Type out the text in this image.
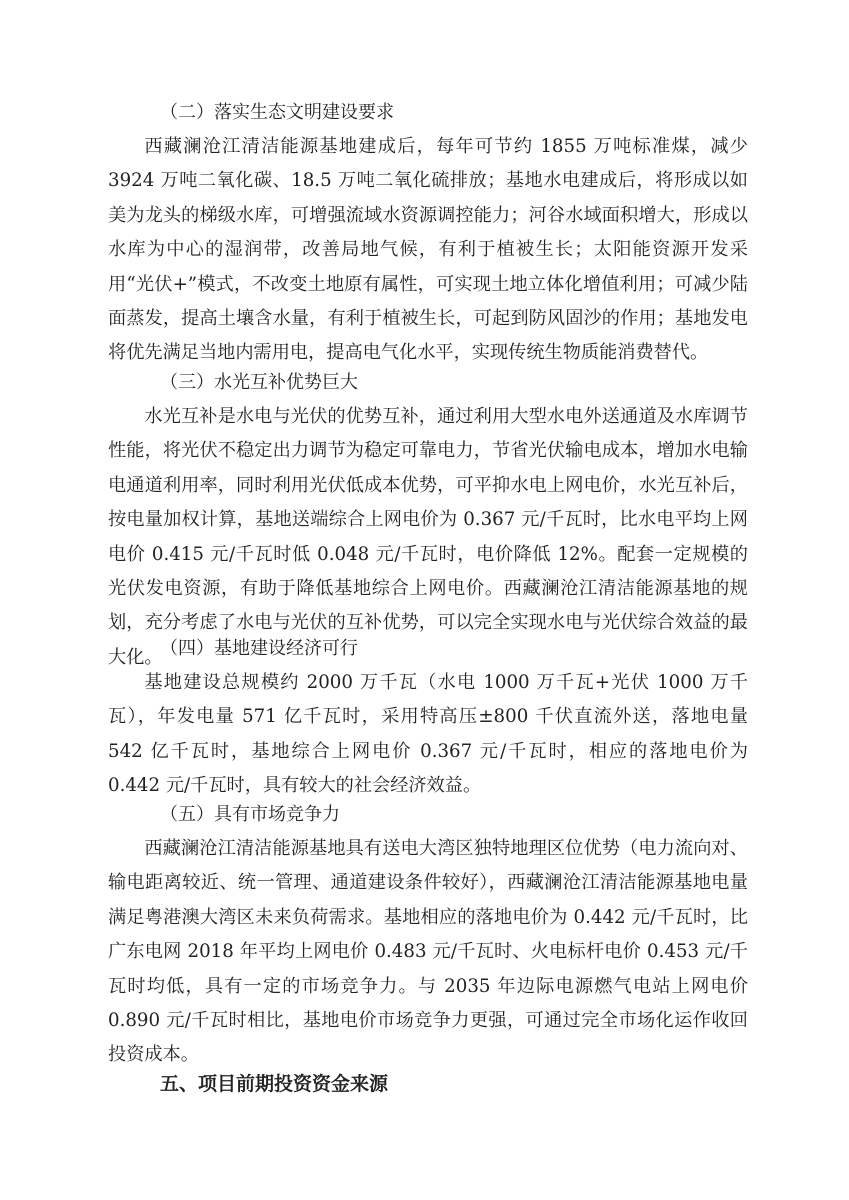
（二）落实生态文明建设要求

西藏澜沧江清洁能源基地建成后，每年可节约 1855 万吨标准煤，减少 3924 万吨二氧化碳、18.5 万吨二氧化硫排放；基地水电建成后，将形成以如美为龙头的梯级水库，可增强流域水资源调控能力；河谷水域面积增大，形成以水库为中心的湿润带，改善局地气候，有利于植被生长；太阳能资源开发采用“光伏+”模式，不改变土地原有属性，可实现土地立体化增值利用；可减少陆面蒸发，提高土壤含水量，有利于植被生长，可起到防风固沙的作用；基地发电将优先满足当地内需用电，提高电气化水平，实现传统生物质能消费替代。

（三）水光互补优势巨大

水光互补是水电与光伏的优势互补，通过利用大型水电外送通道及水库调节性能，将光伏不稳定出力调节为稳定可靠电力，节省光伏输电成本，增加水电输电通道利用率，同时利用光伏低成本优势，可平抑水电上网电价，水光互补后，按电量加权计算，基地送端综合上网电价为 0.367 元/千瓦时，比水电平均上网电价 0.415 元/千瓦时低 0.048 元/千瓦时，电价降低 12%。配套一定规模的光伏发电资源，有助于降低基地综合上网电价。西藏澜沧江清洁能源基地的规划，充分考虑了水电与光伏的互补优势，可以完全实现水电与光伏综合效益的最大化。

（四）基地建设经济可行

基地建设总规模约 2000 万千瓦（水电 1000 万千瓦+光伏 1000 万千瓦），年发电量 571 亿千瓦时，采用特高压±800 千伏直流外送，落地电量 542 亿千瓦时，基地综合上网电价 0.367 元/千瓦时，相应的落地电价为 0.442 元/千瓦时，具有较大的社会经济效益。

（五）具有市场竞争力

西藏澜沧江清洁能源基地具有送电大湾区独特地理区位优势（电力流向对、输电距离较近、统一管理、通道建设条件较好），西藏澜沧江清洁能源基地电量满足粤港澳大湾区未来负荷需求。基地相应的落地电价为 0.442 元/千瓦时，比广东电网 2018 年平均上网电价 0.483 元/千瓦时、火电标杆电价 0.453 元/千瓦时均低，具有一定的市场竞争力。与 2035 年边际电源燃气电站上网电价 0.890 元/千瓦时相比，基地电价市场竞争力更强，可通过完全市场化运作收回投资成本。

五、项目前期投资资金来源
